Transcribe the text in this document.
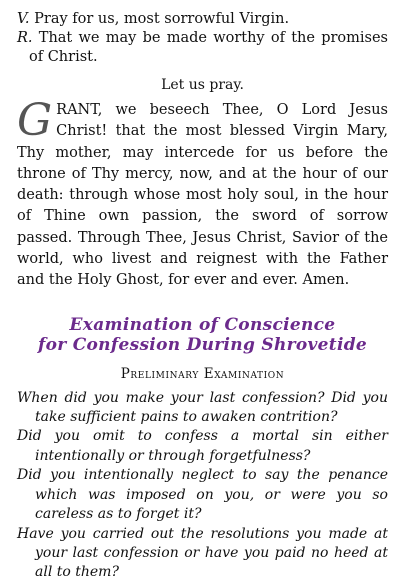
V. Pray for us, most sorrowful Virgin.

R. That we may be made worthy of the promises of Christ.

Let us pray.

G RANT, we beseech Thee, O Lord Jesus Christ! that the most blessed Virgin Mary, Thy mother, may intercede for us before the throne of Thy mercy, now, and at the hour of our death: through whose most holy soul, in the hour of Thine own passion, the sword of sorrow passed. Through Thee, Jesus Christ, Savior of the world, who livest and reignest with the Father and the Holy Ghost, for ever and ever. Amen.

Examination of Conscience
for Confession During Shrovetide
Preliminary Examination

When did you make your last confession? Did you take sufficient pains to awaken contrition?

Did you omit to confess a mortal sin either intentionally or through forgetfulness?

Did you intentionally neglect to say the penance which was imposed on you, or were you so careless as to forget it?

Have you carried out the resolutions you made at your last confession or have you paid no heed at all to them?
